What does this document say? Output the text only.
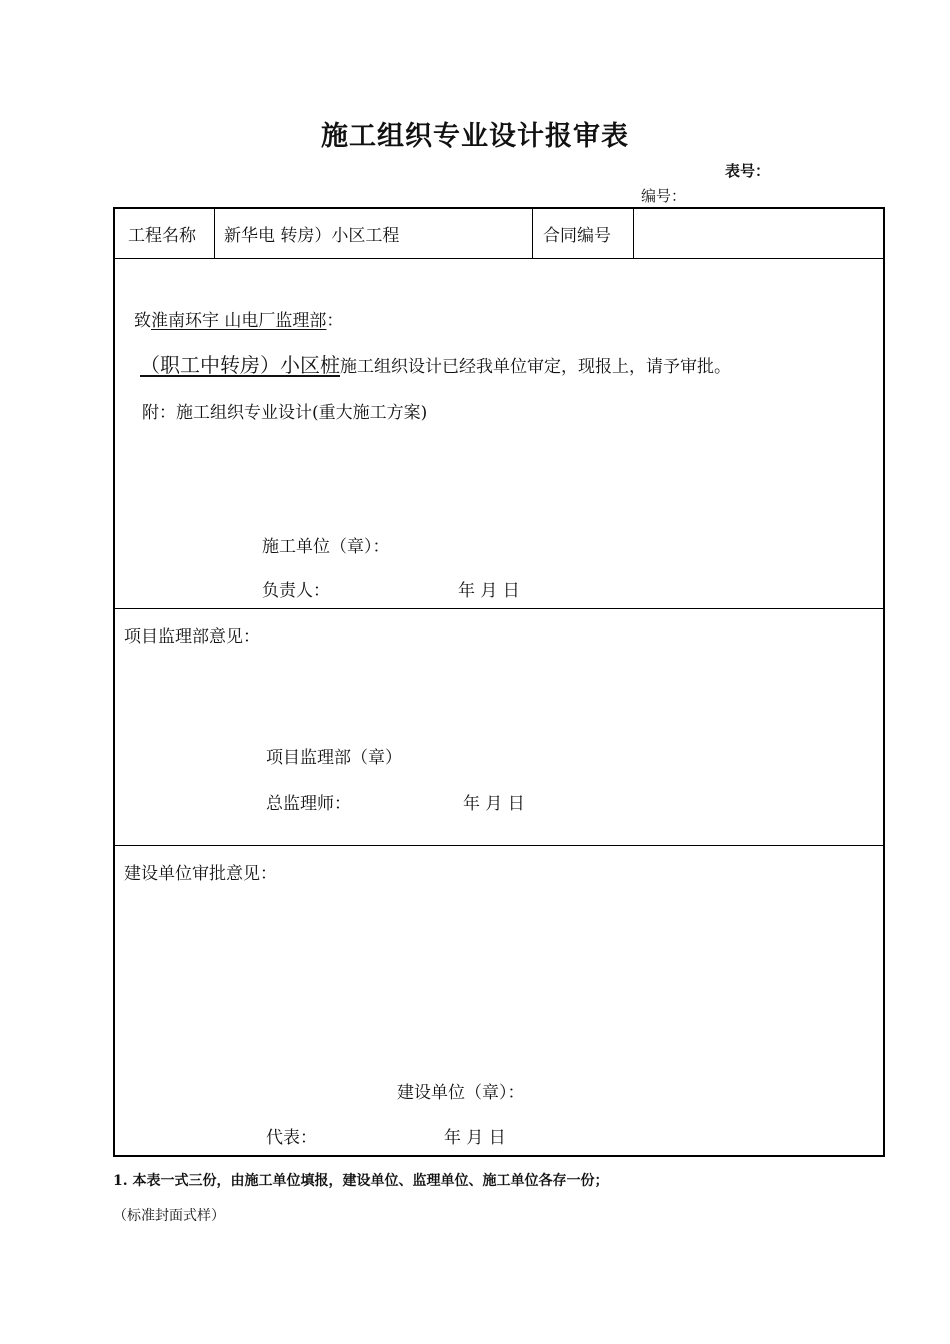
施工组织专业设计报审表
表号：
编号：
工程名称 新华电 转房）小区工程	合同编号
致淮南环宇 山电厂监理部：
（职工中转房）小区桩施工组织设计已经我单位审定，现报上，请予审批。
附：施工组织专业设计(重大施工方案)
施工单位（章）：
负责人：	年 月 日
项目监理部意见：
项目监理部（章）
总监理师：	年 月 日
建设单位审批意见：
建设单位（章）：
代表：	年 月 日
1. 本表一式三份，由施工单位填报，建设单位、监理单位、施工单位各存一份；
（标准封面式样）
